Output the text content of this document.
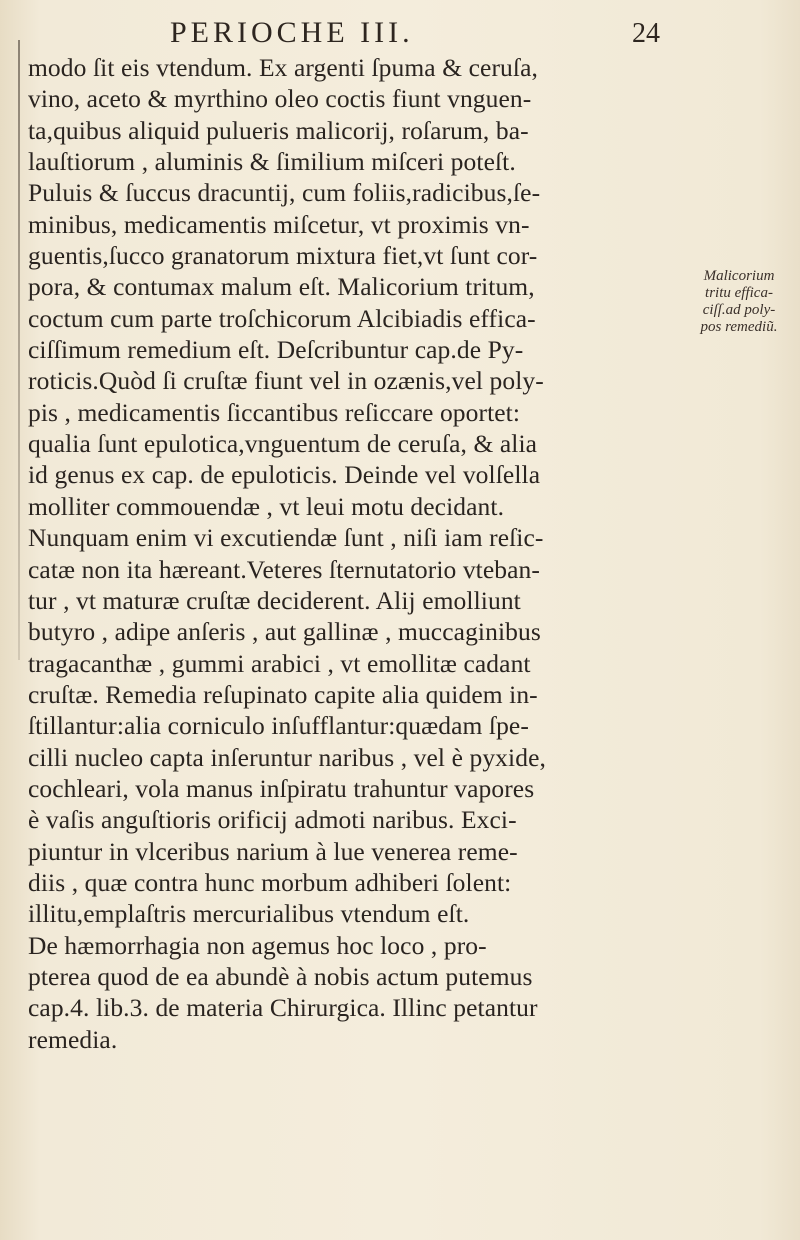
PERIOCHE III.	24
modo ſit eis vtendum. Ex argenti ſpuma & ceruſa,
vino, aceto & myrthino oleo coctis fiunt vnguen-
ta,quibus aliquid pulueris malicorij, roſarum, ba-
lauſtiorum , aluminis & ſimilium miſceri poteſt.
Puluis & ſuccus dracuntij, cum foliis,radicibus,ſe-
minibus, medicamentis miſcetur, vt proximis vn-
guentis,ſucco granatorum mixtura fiet,vt ſunt cor-
pora, & contumax malum eſt. Malicorium tritum,
coctum cum parte troſchicorum Alcibiadis effica-
ciſſimum remedium eſt. Deſcribuntur cap.de Py-
roticis.Quòd ſi cruſtæ fiunt vel in ozænis,vel poly-
pis , medicamentis ſiccantibus reſiccare oportet:
qualia ſunt epulotica,vnguentum de ceruſa, & alia
id genus ex cap. de epuloticis. Deinde vel volſella
molliter commouendæ , vt leui motu decidant.
Nunquam enim vi excutiendæ ſunt , niſi iam reſic-
catæ non ita hæreant.Veteres ſternutatorio vteban-
tur , vt maturæ cruſtæ deciderent. Alij emolliunt
butyro , adipe anſeris , aut gallinæ , muccaginibus
tragacanthæ , gummi arabici , vt emollitæ cadant
cruſtæ. Remedia reſupinato capite alia quidem in-
ſtillantur:alia corniculo inſufflantur:quædam ſpe-
cilli nucleo capta inſeruntur naribus , vel è pyxide,
cochleari, vola manus inſpiratu trahuntur vapores
è vaſis anguſtioris orificij admoti naribus. Exci-
piuntur in vlceribus narium à lue venerea reme-
diis , quæ contra hunc morbum adhiberi ſolent:
illitu,emplaſtris mercurialibus vtendum eſt.
De hæmorrhagia non agemus hoc loco , pro-
pterea quod de ea abundè à nobis actum putemus
cap.4. lib.3. de materia Chirurgica. Illinc petantur
remedia.
Malicorium
tritu effica-
ciſſ.ad poly-
pos remediũ.
